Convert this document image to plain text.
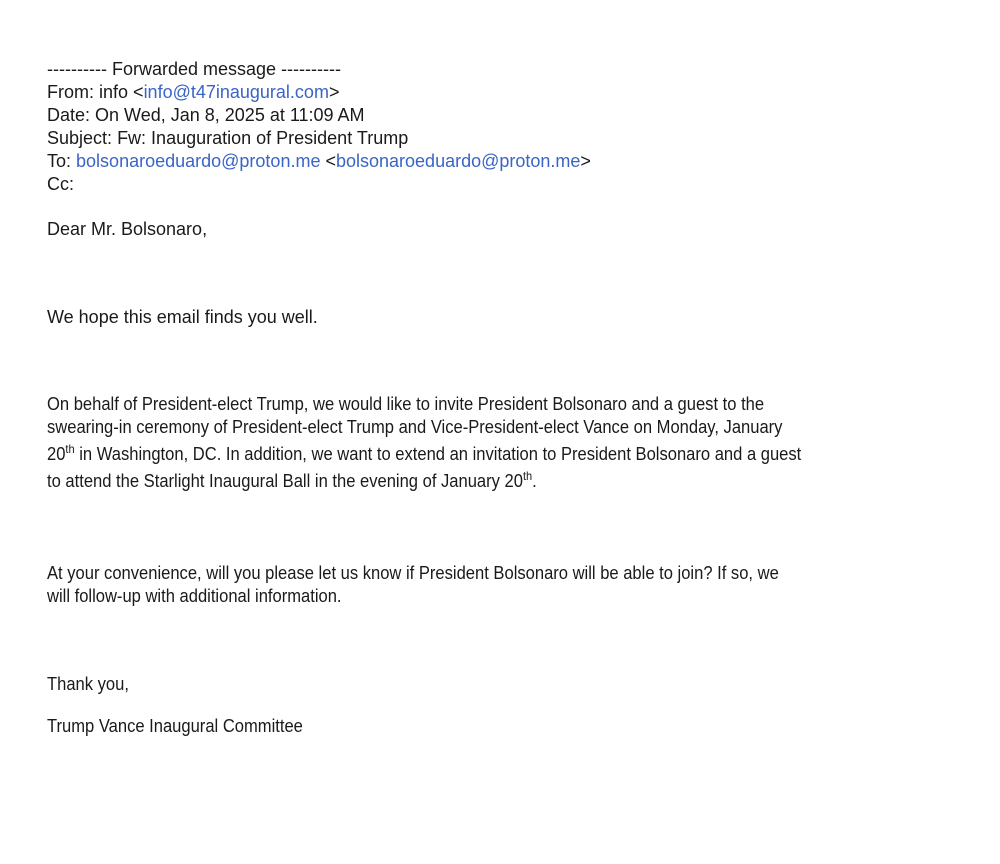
---------- Forwarded message ----------
From: info <info@t47inaugural.com>
Date: On Wed, Jan 8, 2025 at 11:09 AM
Subject: Fw: Inauguration of President Trump
To: bolsonaroeduardo@proton.me <bolsonaroeduardo@proton.me>
Cc:
Dear Mr. Bolsonaro,
We hope this email finds you well.
On behalf of President-elect Trump, we would like to invite President Bolsonaro and a guest to the
swearing-in ceremony of President-elect Trump and Vice-President-elect Vance on Monday, January
20th in Washington, DC. In addition, we want to extend an invitation to President Bolsonaro and a guest
to attend the Starlight Inaugural Ball in the evening of January 20th.
At your convenience, will you please let us know if President Bolsonaro will be able to join? If so, we
will follow-up with additional information.
Thank you,
Trump Vance Inaugural Committee
